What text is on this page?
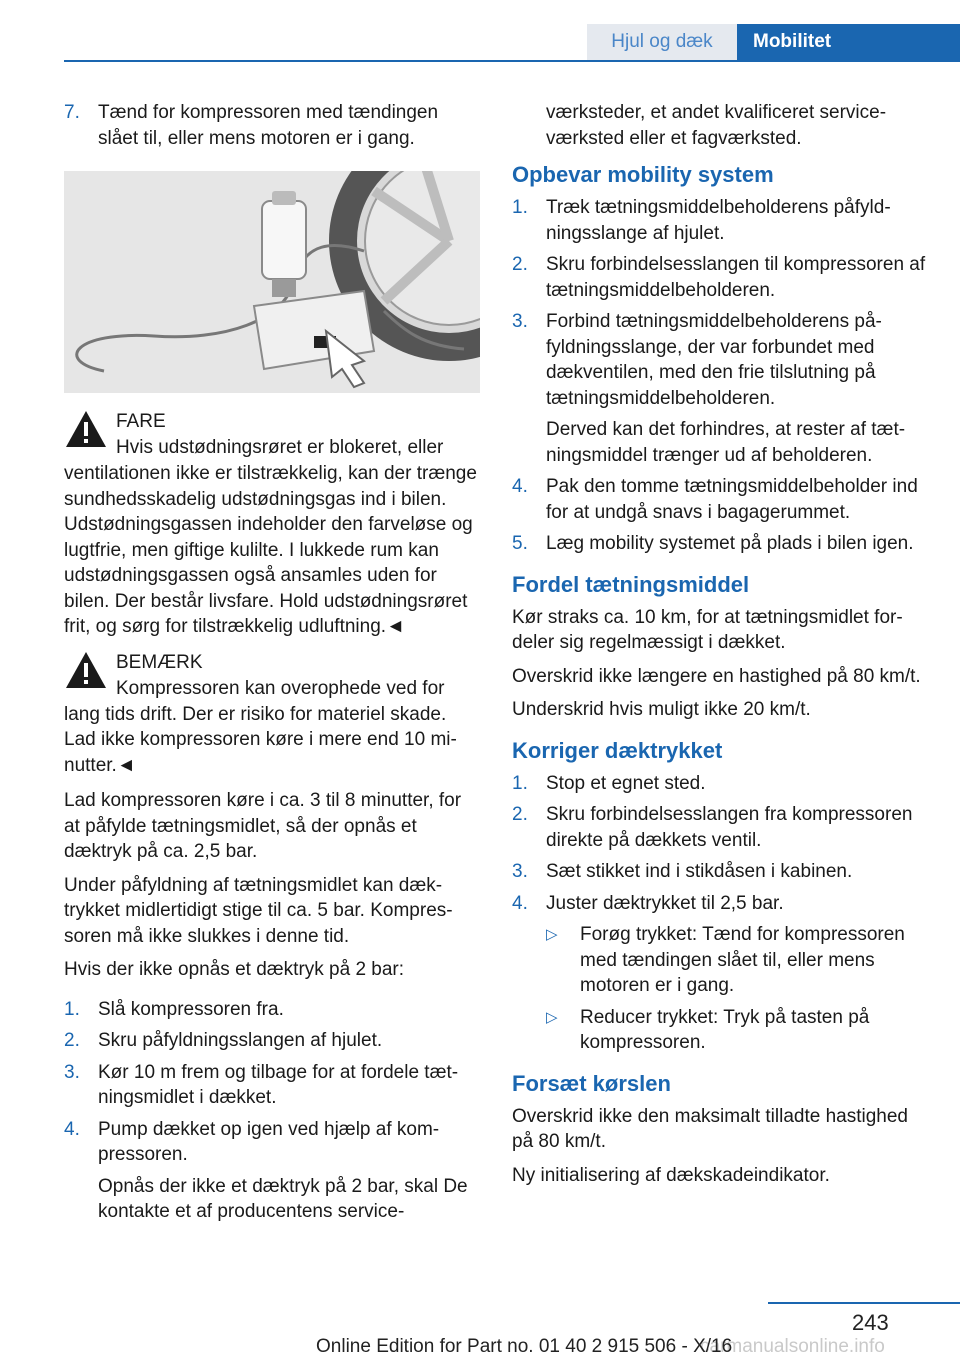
Hjul og dæk	Mobilitet
7. Tænd for kompressoren med tændingen slået til, eller mens motoren er i gang.
FARE
Hvis udstødningsrøret er blokeret, eller

ventilationen ikke er tilstrækkelig, kan der trænge sundhedsskadelig udstødningsgas ind i bilen. Udstødningsgassen indeholder den farveløse og lugtfrie, men giftige kulilte. I lukkede rum kan udstødningsgassen også ansamles uden for bilen. Der består livsfare. Hold udstødningsrøret frit, og sørg for tilstrækkelig udluftning.◄

BEMÆRK
Kompressoren kan overophede ved for

lang tids drift. Der er risiko for materiel skade. Lad ikke kompressoren køre i mere end 10 minutter.◄

Lad kompressoren køre i ca. 3 til 8 minutter, for at påfylde tætningsmidlet, så der opnås et dæktryk på ca. 2,5 bar.

Under påfyldning af tætningsmidlet kan dæktrykket midlertidigt stige til ca. 5 bar. Kompressoren må ikke slukkes i denne tid.

Hvis der ikke opnås et dæktryk på 2 bar:

1. Slå kompressoren fra.
2. Skru påfyldningsslangen af hjulet.
3. Kør 10 m frem og tilbage for at fordele tætningsmidlet i dækket.
4. Pump dækket op igen ved hjælp af kompressoren.

Opnås der ikke et dæktryk på 2 bar, skal De kontakte et af producentens service-

værksteder, et andet kvalificeret serviceværksted eller et fagværksted.

Opbevar mobility system
1. Træk tætningsmiddelbeholderens påfyldningsslange af hjulet.
2. Skru forbindelsesslangen til kompressoren af tætningsmiddelbeholderen.
3. Forbind tætningsmiddelbeholderens påfyldningsslange, der var forbundet med dækventilen, med den frie tilslutning på tætningsmiddelbeholderen.

Derved kan det forhindres, at rester af tætningsmiddel trænger ud af beholderen.

4. Pak den tomme tætningsmiddelbeholder ind for at undgå snavs i bagagerummet.
5. Læg mobility systemet på plads i bilen igen.
Fordel tætningsmiddel

Kør straks ca. 10 km, for at tætningsmidlet fordeler sig regelmæssigt i dækket.

Overskrid ikke længere en hastighed på 80 km/t.

Underskrid hvis muligt ikke 20 km/t.

Korriger dæktrykket
1. Stop et egnet sted.
2. Skru forbindelsesslangen fra kompressoren direkte på dækkets ventil.
3. Sæt stikket ind i stikdåsen i kabinen.
4. Juster dæktrykket til 2,5 bar.
▷	Forøg trykket: Tænd for kompressoren med tændingen slået til, eller mens motoren er i gang.
▷	Reducer trykket: Tryk på tasten på kompressoren.
Forsæt kørslen

Overskrid ikke den maksimalt tilladte hastighed på 80 km/t.

Ny initialisering af dækskadeindikator.

243
carmanualsonline.info
Online Edition for Part no. 01 40 2 915 506 - X/16
